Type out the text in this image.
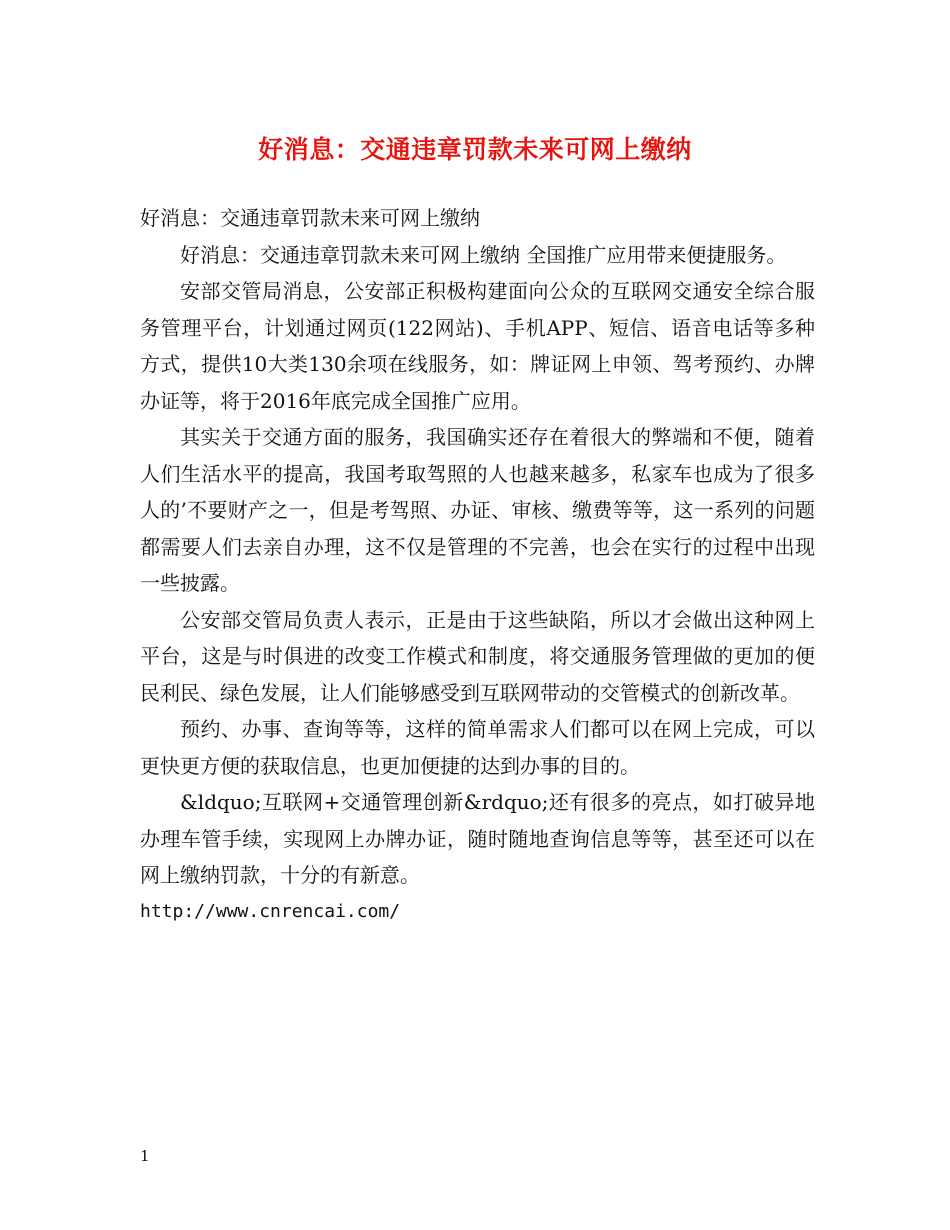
好消息：交通违章罚款未来可网上缴纳

好消息：交通违章罚款未来可网上缴纳

好消息：交通违章罚款未来可网上缴纳 全国推广应用带来便捷服务。

安部交管局消息，公安部正积极构建面向公众的互联网交通安全综合服务管理平台，计划通过网页(122网站)、手机APP、短信、语音电话等多种方式，提供10大类130余项在线服务，如：牌证网上申领、驾考预约、办牌办证等，将于2016年底完成全国推广应用。

其实关于交通方面的服务，我国确实还存在着很大的弊端和不便，随着人们生活水平的提高，我国考取驾照的人也越来越多，私家车也成为了很多人的’不要财产之一，但是考驾照、办证、审核、缴费等等，这一系列的问题都需要人们去亲自办理，这不仅是管理的不完善，也会在实行的过程中出现一些披露。

公安部交管局负责人表示，正是由于这些缺陷，所以才会做出这种网上平台，这是与时俱进的改变工作模式和制度，将交通服务管理做的更加的便民利民、绿色发展，让人们能够感受到互联网带动的交管模式的创新改革。

预约、办事、查询等等，这样的简单需求人们都可以在网上完成，可以更快更方便的获取信息，也更加便捷的达到办事的目的。

&ldquo;互联网+交通管理创新&rdquo;还有很多的亮点，如打破异地办理车管手续，实现网上办牌办证，随时随地查询信息等等，甚至还可以在网上缴纳罚款，十分的有新意。

http://www.cnrencai.com/

1
